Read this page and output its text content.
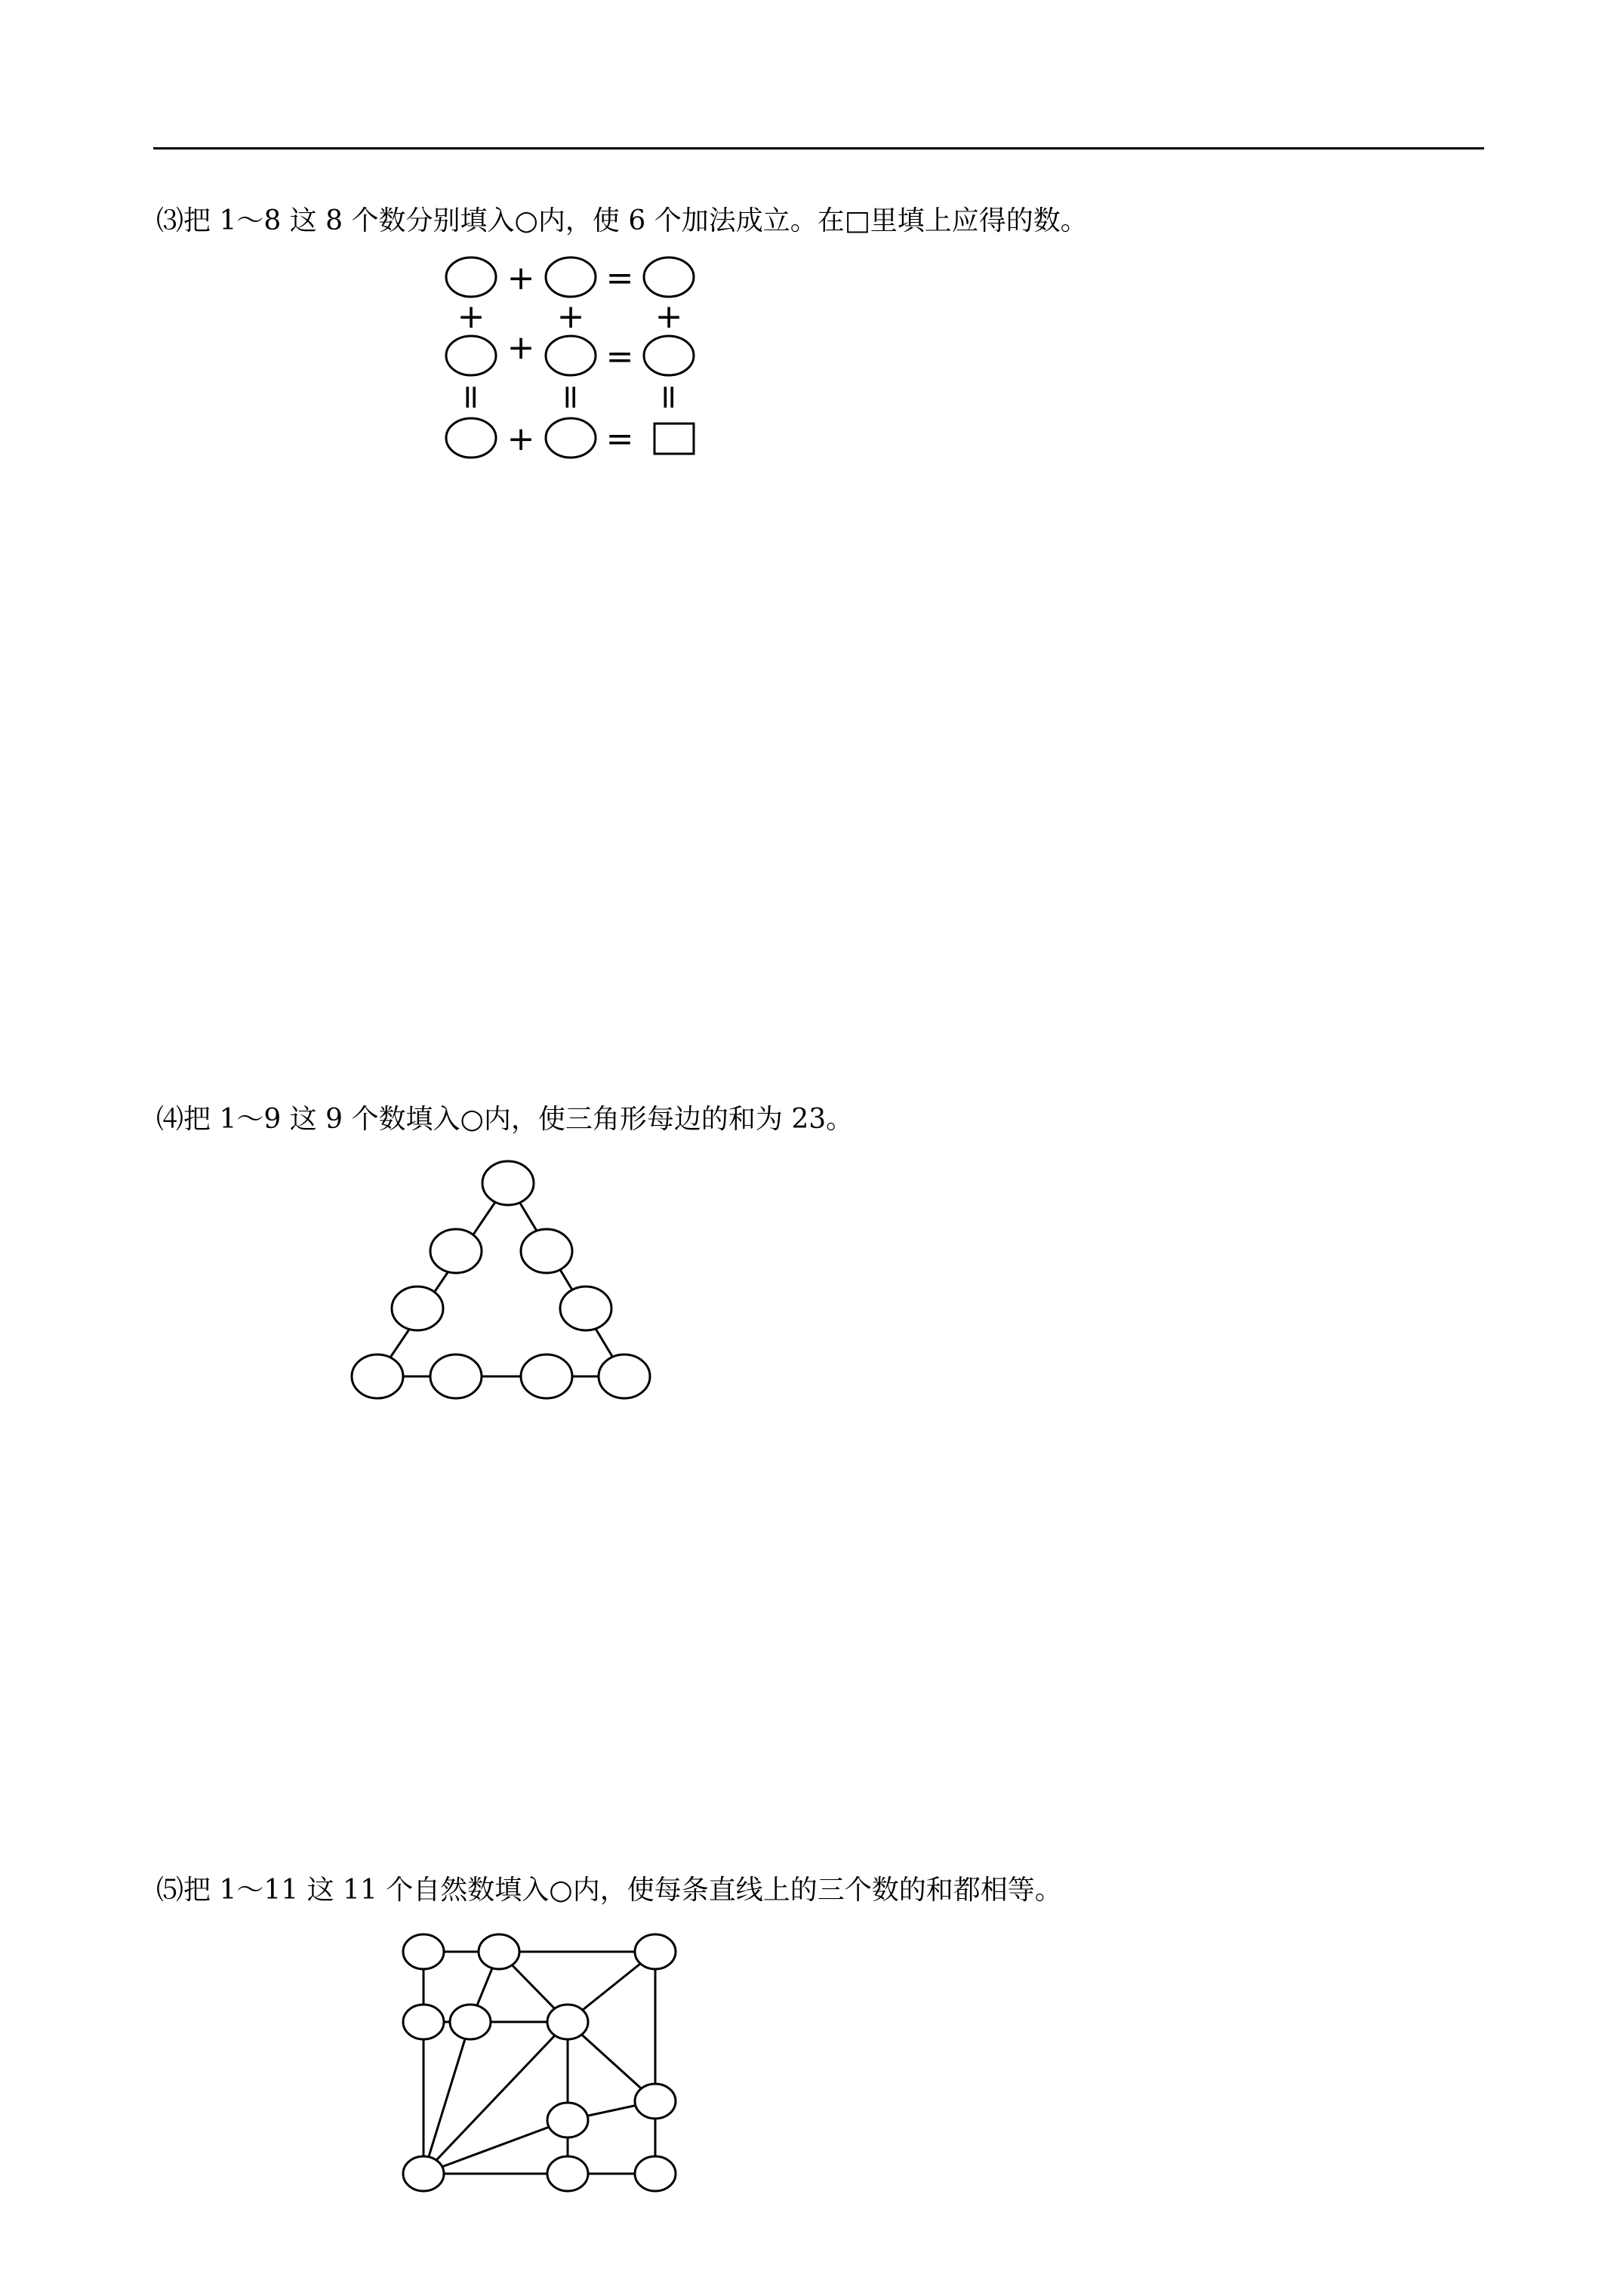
⑶把 1～8 这 8 个数分别填入○内，使 6 个加法成立。在□里填上应得的数。
⑷把 1～9 这 9 个数填入○内，使三角形每边的和为 23。
⑸把 1～11 这 11 个自然数填入○内，使每条直线上的三个数的和都相等。
+ =
+ =
+ =
+ + +
= = =
